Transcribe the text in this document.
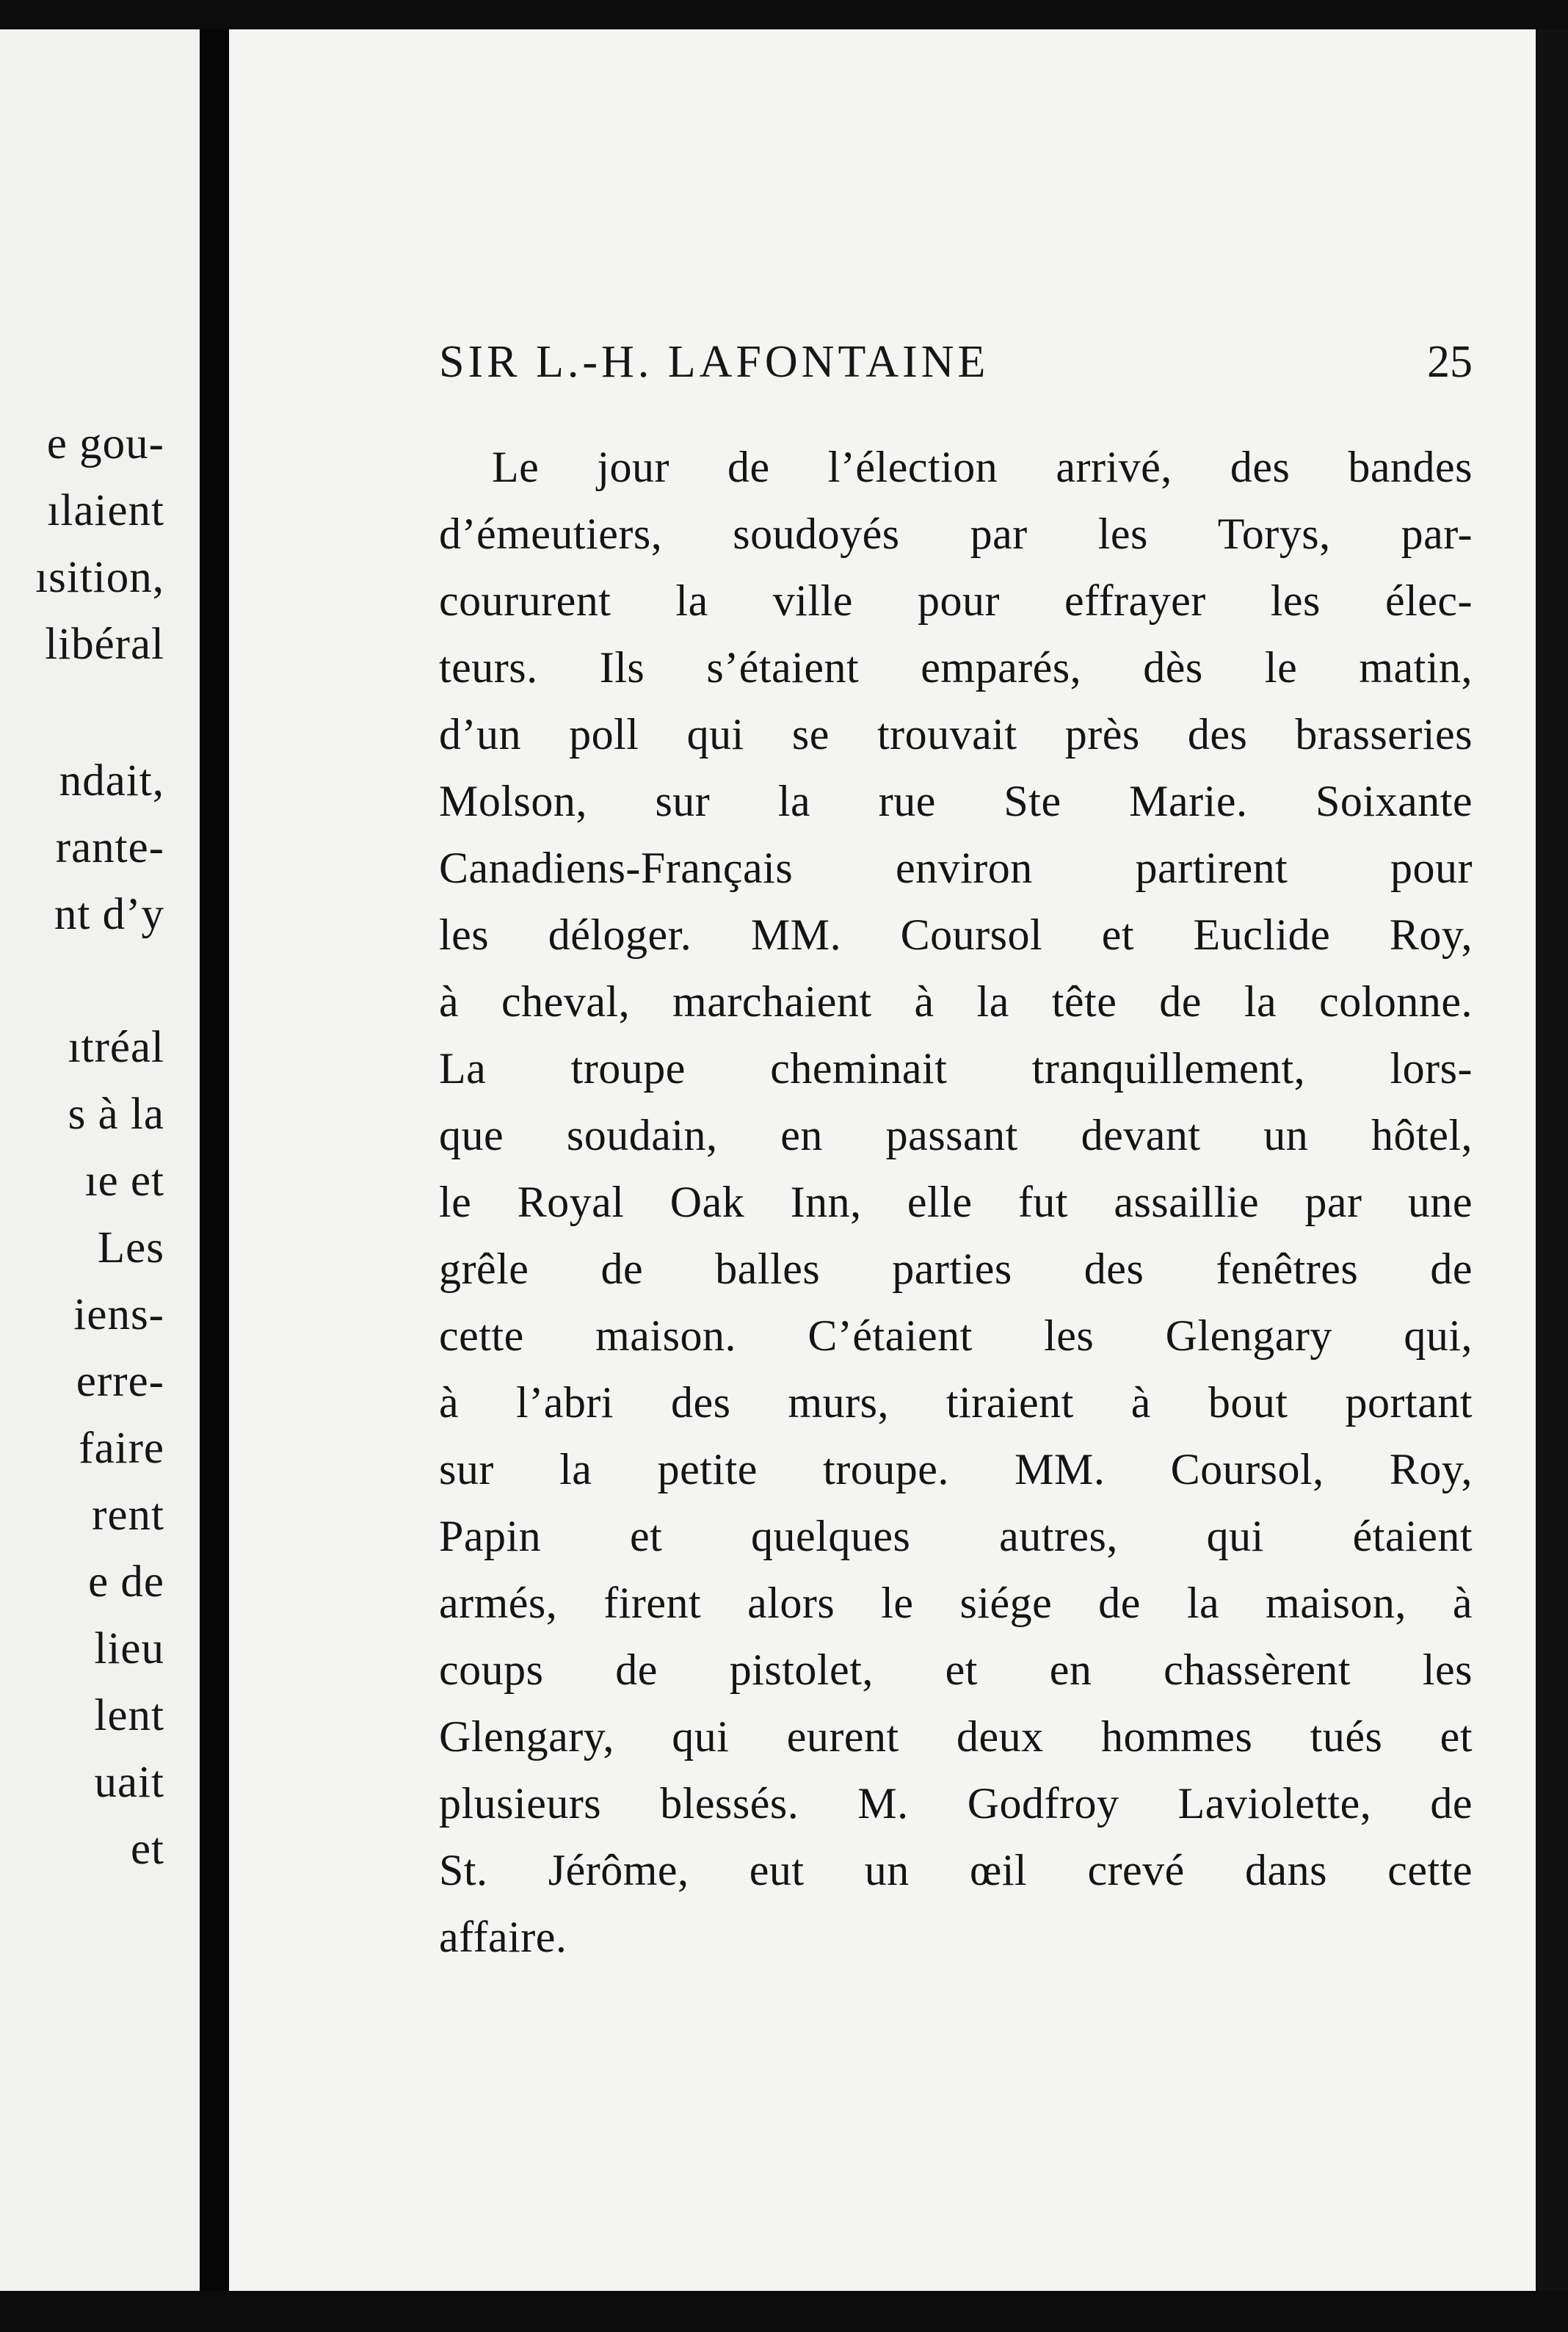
e gou-
ılaient
ısition,
libéral
ndait,
rante-
nt d’y
ıtréal
s à la
ıe et
Les
iens-
erre-
faire
rent
e de
lieu
lent
uait
et
SIR L.-H. LAFONTAINE	25
Le jour de l’élection arrivé, des bandes
d’émeutiers, soudoyés par les Torys, par-
coururent la ville pour effrayer les élec-
teurs. Ils s’étaient emparés, dès le matin,
d’un poll qui se trouvait près des brasseries
Molson, sur la rue Ste Marie. Soixante
Canadiens-Français environ partirent pour
les déloger. MM. Coursol et Euclide Roy,
à cheval, marchaient à la tête de la colonne.
La troupe cheminait tranquillement, lors-
que soudain, en passant devant un hôtel,
le Royal Oak Inn, elle fut assaillie par une
grêle de balles parties des fenêtres de
cette maison. C’étaient les Glengary qui,
à l’abri des murs, tiraient à bout portant
sur la petite troupe. MM. Coursol, Roy,
Papin et quelques autres, qui étaient
armés, firent alors le siége de la maison, à
coups de pistolet, et en chassèrent les
Glengary, qui eurent deux hommes tués et
plusieurs blessés. M. Godfroy Laviolette, de
St. Jérôme, eut un œil crevé dans cette
affaire.
